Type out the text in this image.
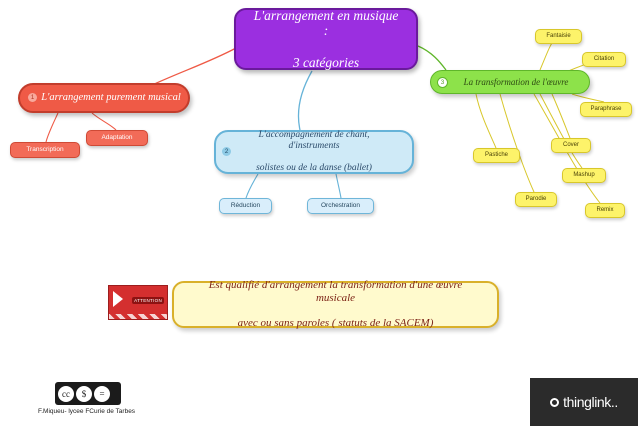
L'arrangement en musique :

3 catégories
L'arrangement purement musical
1
Transcription
Adaptation	L'accompagnement de chant, d'instruments

solistes ou de la danse (ballet)
2
Réduction	Orchestration
La transformation de l'œuvre
3
Fantaisie
Citation
Paraphrase
Cover
Mashup
Remix
Parodie
Pastiche
ATTENTION
Est qualifié d'arrangement la transformation d'une œuvre musicale

avec ou sans paroles ( statuts de la SACEM)
cc	$	=
F.Miqueu- lycee FCurie de Tarbes
thinglink..
